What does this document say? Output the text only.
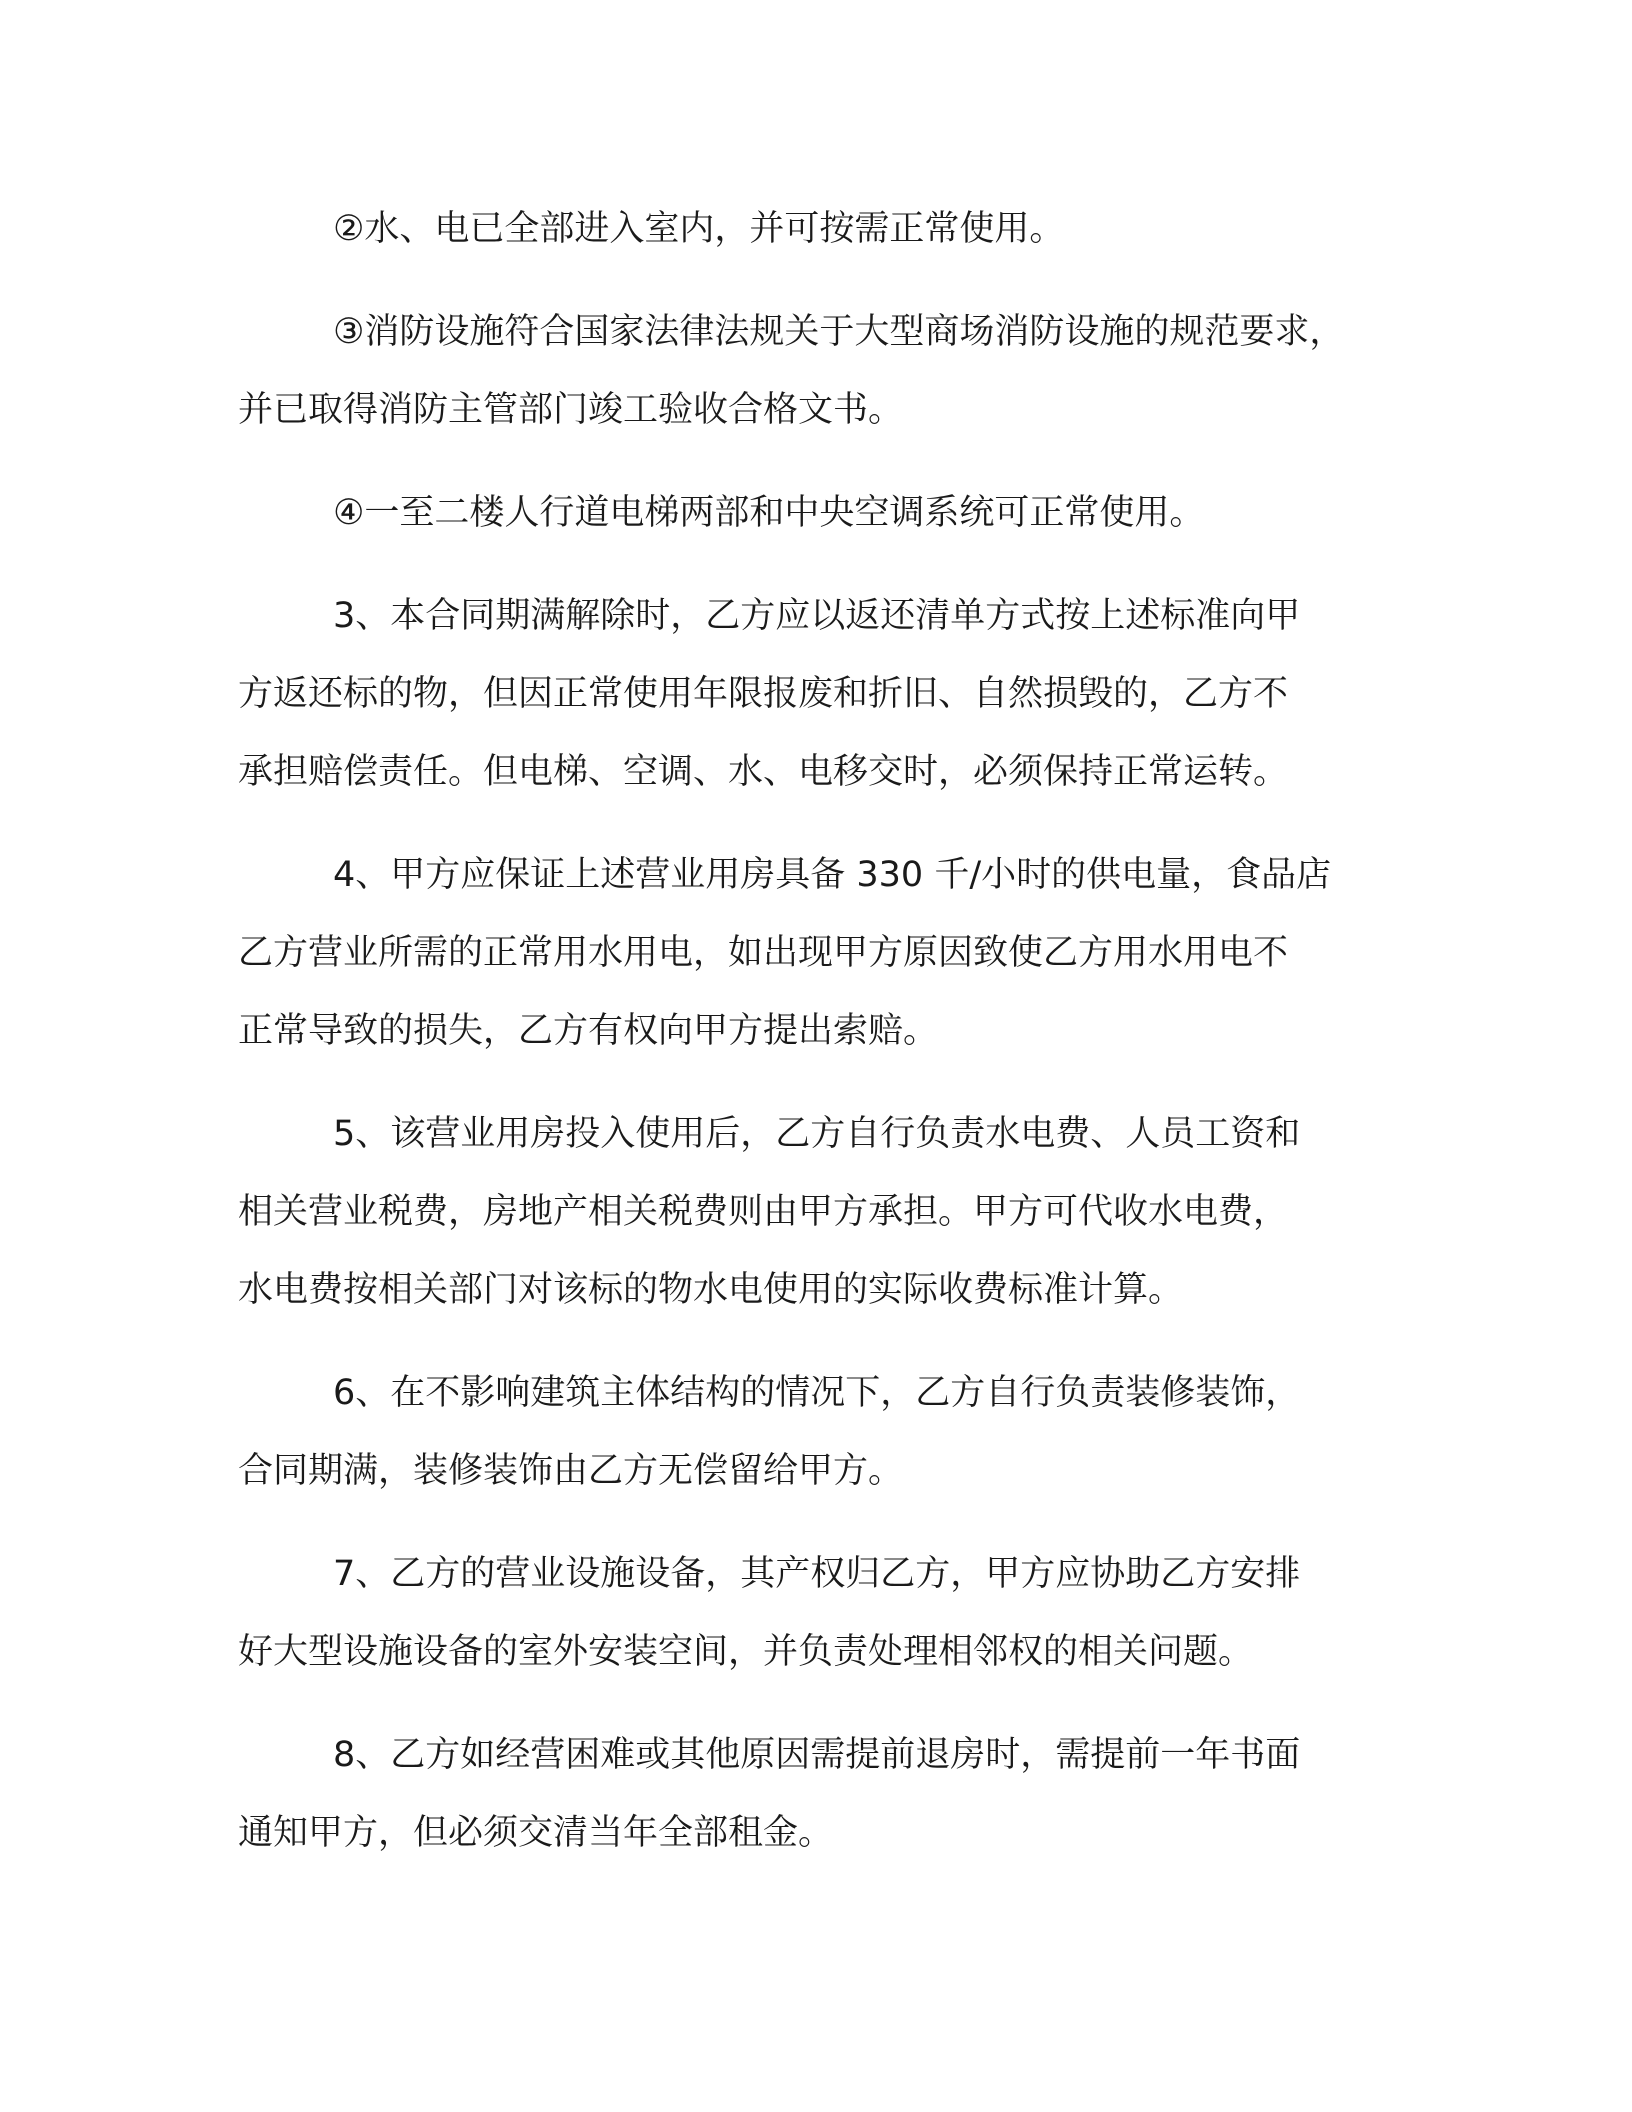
②水、电已全部进入室内，并可按需正常使用。

③消防设施符合国家法律法规关于大型商场消防设施的规范要求，
并已取得消防主管部门竣工验收合格文书。

④一至二楼人行道电梯两部和中央空调系统可正常使用。

3、本合同期满解除时，乙方应以返还清单方式按上述标准向甲
方返还标的物，但因正常使用年限报废和折旧、自然损毁的，乙方不
承担赔偿责任。但电梯、空调、水、电移交时，必须保持正常运转。

4、甲方应保证上述营业用房具备 330 千/小时的供电量，食品店
乙方营业所需的正常用水用电，如出现甲方原因致使乙方用水用电不
正常导致的损失，乙方有权向甲方提出索赔。

5、该营业用房投入使用后，乙方自行负责水电费、人员工资和
相关营业税费，房地产相关税费则由甲方承担。甲方可代收水电费，
水电费按相关部门对该标的物水电使用的实际收费标准计算。

6、在不影响建筑主体结构的情况下，乙方自行负责装修装饰，
合同期满，装修装饰由乙方无偿留给甲方。

7、乙方的营业设施设备，其产权归乙方，甲方应协助乙方安排
好大型设施设备的室外安装空间，并负责处理相邻权的相关问题。

8、乙方如经营困难或其他原因需提前退房时，需提前一年书面
通知甲方，但必须交清当年全部租金。
